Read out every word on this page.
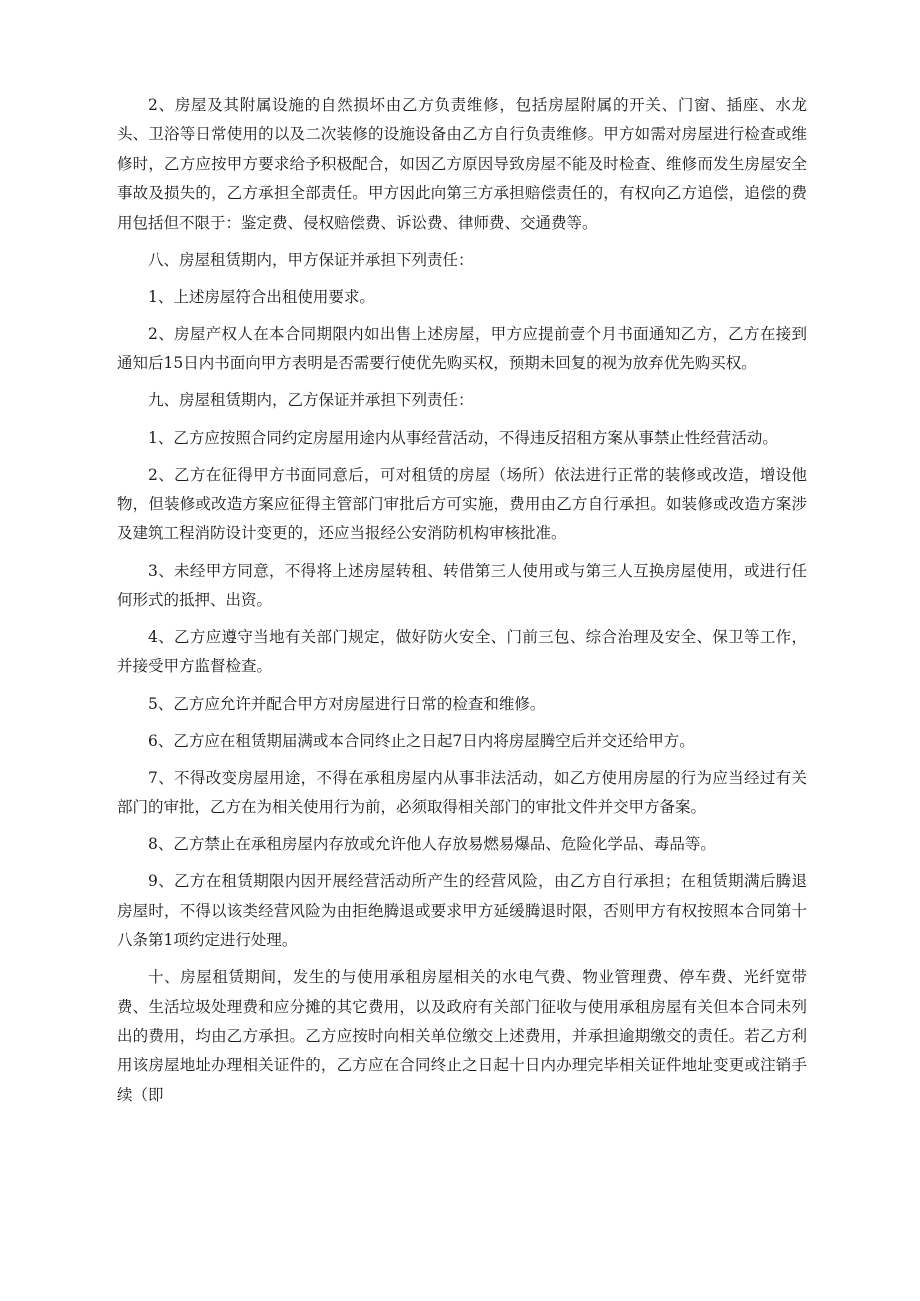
2、房屋及其附属设施的自然损坏由乙方负责维修，包括房屋附属的开关、门窗、插座、水龙头、卫浴等日常使用的以及二次装修的设施设备由乙方自行负责维修。甲方如需对房屋进行检查或维修时，乙方应按甲方要求给予积极配合，如因乙方原因导致房屋不能及时检查、维修而发生房屋安全事故及损失的，乙方承担全部责任。甲方因此向第三方承担赔偿责任的，有权向乙方追偿，追偿的费用包括但不限于：鉴定费、侵权赔偿费、诉讼费、律师费、交通费等。

八、房屋租赁期内，甲方保证并承担下列责任：

1、上述房屋符合出租使用要求。

2、房屋产权人在本合同期限内如出售上述房屋，甲方应提前壹个月书面通知乙方，乙方在接到通知后15日内书面向甲方表明是否需要行使优先购买权，预期未回复的视为放弃优先购买权。

九、房屋租赁期内，乙方保证并承担下列责任：

1、乙方应按照合同约定房屋用途内从事经营活动，不得违反招租方案从事禁止性经营活动。

2、乙方在征得甲方书面同意后，可对租赁的房屋（场所）依法进行正常的装修或改造，增设他物，但装修或改造方案应征得主管部门审批后方可实施，费用由乙方自行承担。如装修或改造方案涉及建筑工程消防设计变更的，还应当报经公安消防机构审核批准。

3、未经甲方同意，不得将上述房屋转租、转借第三人使用或与第三人互换房屋使用，或进行任何形式的抵押、出资。

4、乙方应遵守当地有关部门规定，做好防火安全、门前三包、综合治理及安全、保卫等工作，并接受甲方监督检查。

5、乙方应允许并配合甲方对房屋进行日常的检查和维修。

6、乙方应在租赁期届满或本合同终止之日起7日内将房屋腾空后并交还给甲方。

7、不得改变房屋用途，不得在承租房屋内从事非法活动，如乙方使用房屋的行为应当经过有关部门的审批，乙方在为相关使用行为前，必须取得相关部门的审批文件并交甲方备案。

8、乙方禁止在承租房屋内存放或允许他人存放易燃易爆品、危险化学品、毒品等。

9、乙方在租赁期限内因开展经营活动所产生的经营风险，由乙方自行承担；在租赁期满后腾退房屋时，不得以该类经营风险为由拒绝腾退或要求甲方延缓腾退时限，否则甲方有权按照本合同第十八条第1项约定进行处理。

十、房屋租赁期间，发生的与使用承租房屋相关的水电气费、物业管理费、停车费、光纤宽带费、生活垃圾处理费和应分摊的其它费用，以及政府有关部门征收与使用承租房屋有关但本合同未列出的费用，均由乙方承担。乙方应按时向相关单位缴交上述费用，并承担逾期缴交的责任。若乙方利用该房屋地址办理相关证件的，乙方应在合同终止之日起十日内办理完毕相关证件地址变更或注销手续（即
